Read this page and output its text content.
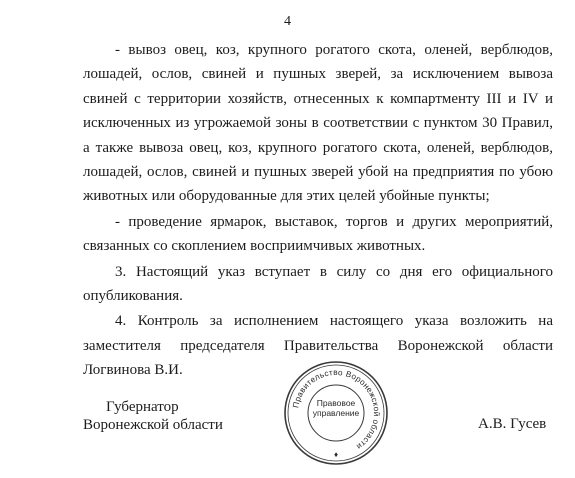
4

- вывоз овец, коз, крупного рогатого скота, оленей, верблюдов, лошадей, ослов, свиней и пушных зверей, за исключением вывоза свиней с территории хозяйств, отнесенных к компартменту III и IV и исключенных из угрожаемой зоны в соответствии с пунктом 30 Правил, а также вывоза овец, коз, крупного рогатого скота, оленей, верблюдов, лошадей, ослов, свиней и пушных зверей убой на предприятия по убою животных или оборудованные для этих целей убойные пункты;

- проведение ярмарок, выставок, торгов и других мероприятий, связанных со скоплением восприимчивых животных.

3. Настоящий указ вступает в силу со дня его официального опубликования.

4. Контроль за исполнением настоящего указа возложить на заместителя председателя Правительства Воронежской области Логвинова В.И.

Губернатор
Воронежской области
Правительство Воронежской области
♦
Правовое
управление
А.В. Гусев
